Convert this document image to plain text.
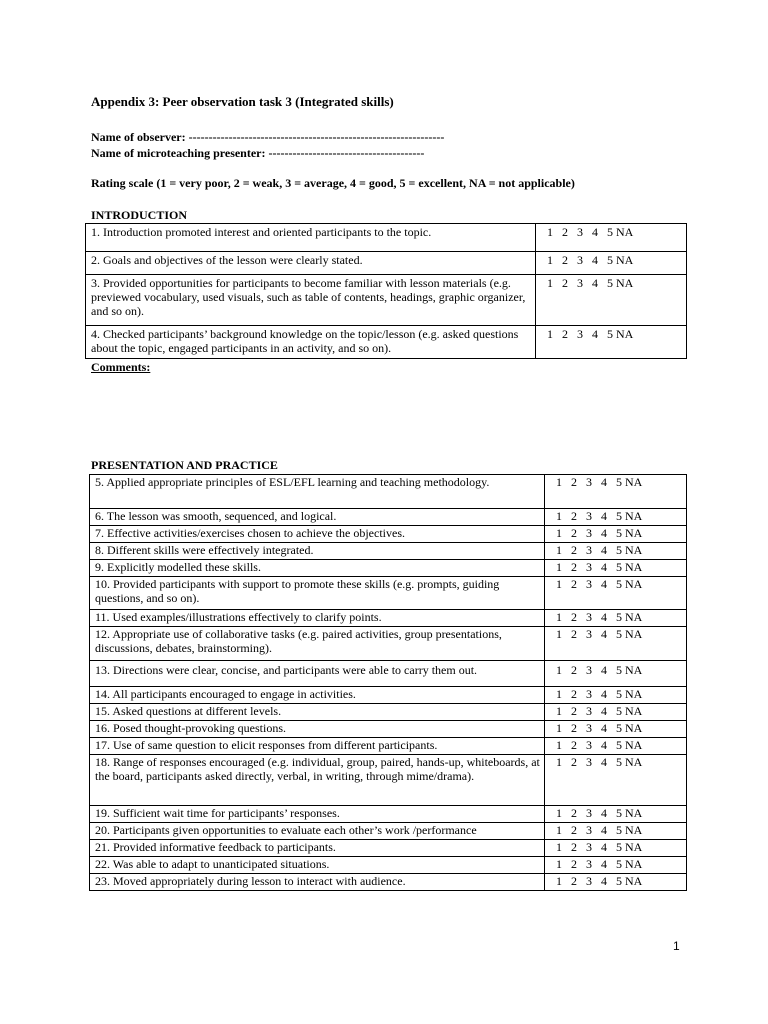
Appendix 3: Peer observation task 3 (Integrated skills)
Name of observer: ----------------------------------------------------------------
Name of microteaching presenter: ---------------------------------------
Rating scale (1 = very poor, 2 = weak, 3 = average, 4 = good, 5 = excellent, NA = not applicable)
INTRODUCTION
1. Introduction promoted interest and oriented participants to the topic.	1   2   3   4   5 NA
2. Goals and objectives of the lesson were clearly stated.	1   2   3   4   5 NA
3. Provided opportunities for participants to become familiar with lesson materials (e.g. previewed vocabulary, used visuals, such as table of contents, headings, graphic organizer, and so on).	1   2   3   4   5 NA
4. Checked participants’ background knowledge on the topic/lesson (e.g. asked questions about the topic, engaged participants in an activity, and so on).	1   2   3   4   5 NA
Comments:
PRESENTATION AND PRACTICE
5. Applied appropriate principles of ESL/EFL learning and teaching methodology.	1   2   3   4   5 NA
6. The lesson was smooth, sequenced, and logical.	1   2   3   4   5 NA
7. Effective activities/exercises chosen to achieve the objectives.	1   2   3   4   5 NA
8. Different skills were effectively integrated.	1   2   3   4   5 NA
9. Explicitly modelled these skills.	1   2   3   4   5 NA
10. Provided participants with support to promote these skills (e.g. prompts, guiding questions, and so on).	1   2   3   4   5 NA
11. Used examples/illustrations effectively to clarify points.	1   2   3   4   5 NA
12. Appropriate use of collaborative tasks (e.g. paired activities, group presentations, discussions, debates, brainstorming).	1   2   3   4   5 NA
13. Directions were clear, concise, and participants were able to carry them out.	1   2   3   4   5 NA
14. All participants encouraged to engage in activities.	1   2   3   4   5 NA
15. Asked questions at different levels.	1   2   3   4   5 NA
16. Posed thought-provoking questions.	1   2   3   4   5 NA
17. Use of same question to elicit responses from different participants.	1   2   3   4   5 NA
18. Range of responses encouraged (e.g. individual, group, paired, hands-up, whiteboards, at the board, participants asked directly, verbal, in writing, through mime/drama).	1   2   3   4   5 NA
19. Sufficient wait time for participants’ responses.	1   2   3   4   5 NA
20. Participants given opportunities to evaluate each other’s work /performance	1   2   3   4   5 NA
21. Provided informative feedback to participants.	1   2   3   4   5 NA
22. Was able to adapt to unanticipated situations.	1   2   3   4   5 NA
23. Moved appropriately during lesson to interact with audience.	1   2   3   4   5 NA
1
